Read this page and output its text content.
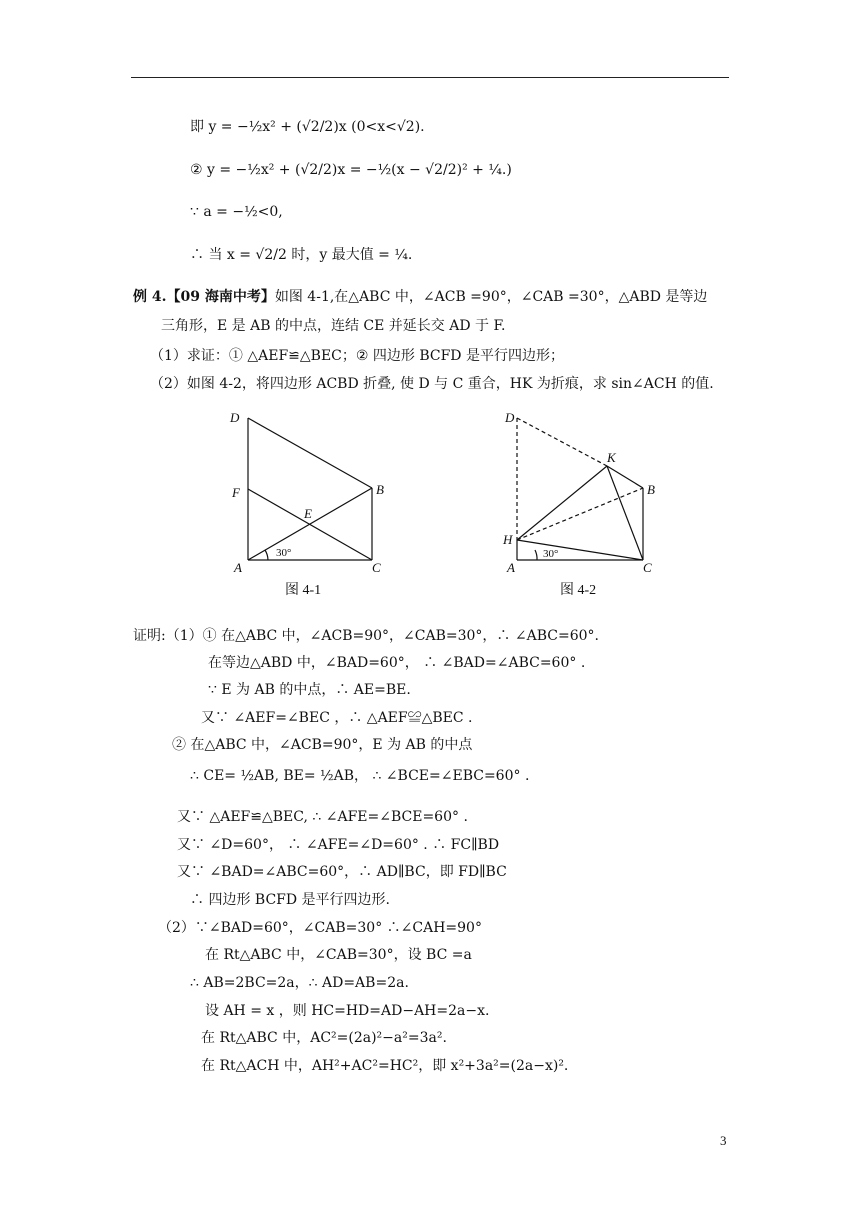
即 y = −½x² + (√2/2)x (0<x<√2).
② y = −½x² + (√2/2)x = −½(x − √2/2)² + ¼.)
∵ a = −½<0,
∴ 当 x = √2/2 时，y 最大值 = ¼.
例 4.【09 海南中考】如图 4-1,在△ABC 中，∠ACB =90°，∠CAB =30°，△ABD 是等边
三角形，E 是 AB 的中点，连结 CE 并延长交 AD 于 F.
（1）求证：① △AEF≌△BEC；② 四边形 BCFD 是平行四边形；
（2）如图 4-2，将四边形 ACBD 折叠, 使 D 与 C 重合，HK 为折痕，求 sin∠ACH 的值.
D
F
E
B
A	C
30°
图 4-1
D
K
B
H
A	C
30°
图 4-2
证明:（1）① 在△ABC 中，∠ACB=90°，∠CAB=30°，∴ ∠ABC=60°.
在等边△ABD 中，∠BAD=60°， ∴ ∠BAD=∠ABC=60° .
∵ E 为 AB 的中点，∴ AE=BE.
又∵ ∠AEF=∠BEC ，∴ △AEF≌△BEC .
② 在△ABC 中，∠ACB=90°，E 为 AB 的中点
∴ CE= ½AB, BE= ½AB， ∴ ∠BCE=∠EBC=60° .
又∵ △AEF≌△BEC, ∴ ∠AFE=∠BCE=60° .
又∵ ∠D=60°， ∴ ∠AFE=∠D=60° . ∴ FC∥BD
又∵ ∠BAD=∠ABC=60°，∴ AD∥BC，即 FD∥BC
∴ 四边形 BCFD 是平行四边形.
（2）∵∠BAD=60°，∠CAB=30° ∴∠CAH=90°
在 Rt△ABC 中，∠CAB=30°，设 BC =a
∴ AB=2BC=2a，∴ AD=AB=2a.
设 AH = x ，则 HC=HD=AD−AH=2a−x.
在 Rt△ABC 中，AC²=(2a)²−a²=3a².
在 Rt△ACH 中，AH²+AC²=HC²，即 x²+3a²=(2a−x)².
3
